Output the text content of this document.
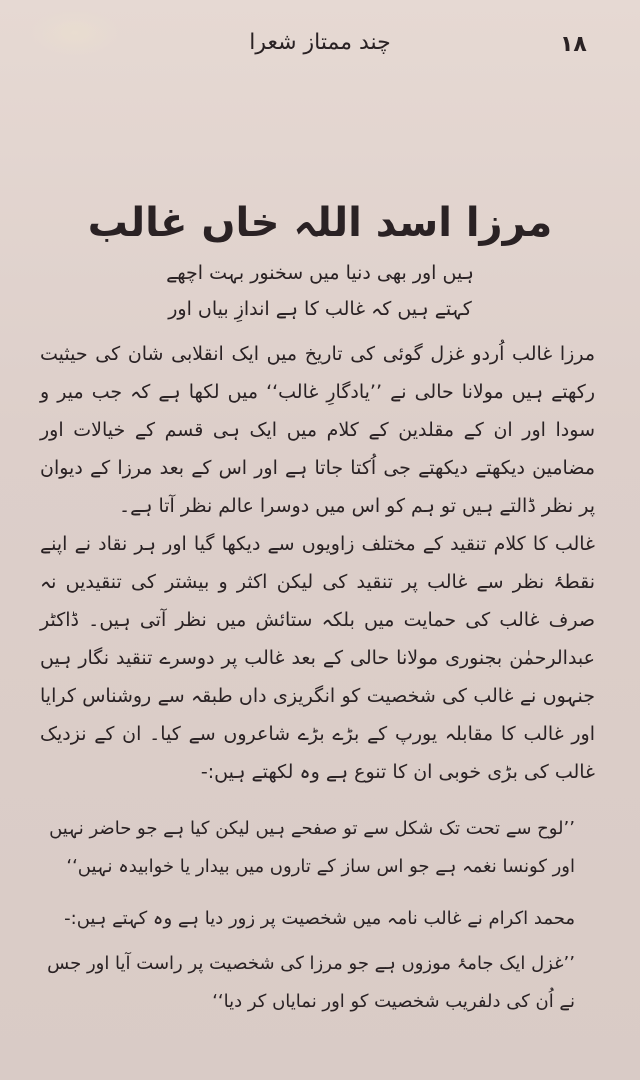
چند ممتاز شعرا	۱۸
مرزا اسد اللہ خاں غالب
ہیں اور بھی دنیا میں سخنور بہت اچھے
کہتے ہیں کہ غالب کا ہے اندازِ بیاں اور
مرزا غالب اُردو غزل گوئی کی تاریخ میں ایک انقلابی شان کی حیثیت رکھتے ہیں مولانا حالی نے ’’یادگارِ غالب‘‘ میں لکھا ہے کہ جب میر و سودا اور ان کے مقلدین کے کلام میں ایک ہی قسم کے خیالات اور مضامین دیکھتے دیکھتے جی اُکتا جاتا ہے اور اس کے بعد مرزا کے دیوان پر نظر ڈالتے ہیں تو ہم کو اس میں دوسرا عالم نظر آتا ہے۔
غالب کا کلام تنقید کے مختلف زاویوں سے دیکھا گیا اور ہر نقاد نے اپنے نقطۂ نظر سے غالب پر تنقید کی لیکن اکثر و بیشتر کی تنقیدیں نہ صرف غالب کی حمایت میں بلکہ ستائش میں نظر آتی ہیں۔ ڈاکٹر عبدالرحمٰن بجنوری مولانا حالی کے بعد غالب پر دوسرے تنقید نگار ہیں جنہوں نے غالب کی شخصیت کو انگریزی داں طبقہ سے روشناس کرایا اور غالب کا مقابلہ یورپ کے بڑے بڑے شاعروں سے کیا۔ ان کے نزدیک غالب کی بڑی خوبی ان کا تنوع ہے وہ لکھتے ہیں:-
’’لوح سے تحت تک شکل سے تو صفحے ہیں لیکن کیا ہے جو حاضر نہیں اور کونسا نغمہ ہے جو اس ساز کے تاروں میں بیدار یا خوابیدہ نہیں‘‘
محمد اکرام نے غالب نامہ میں شخصیت پر زور دیا ہے وہ کہتے ہیں:-
’’غزل ایک جامۂ موزوں ہے جو مرزا کی شخصیت پر راست آیا اور جس نے اُن کی دلفریب شخصیت کو اور نمایاں کر دیا‘‘
